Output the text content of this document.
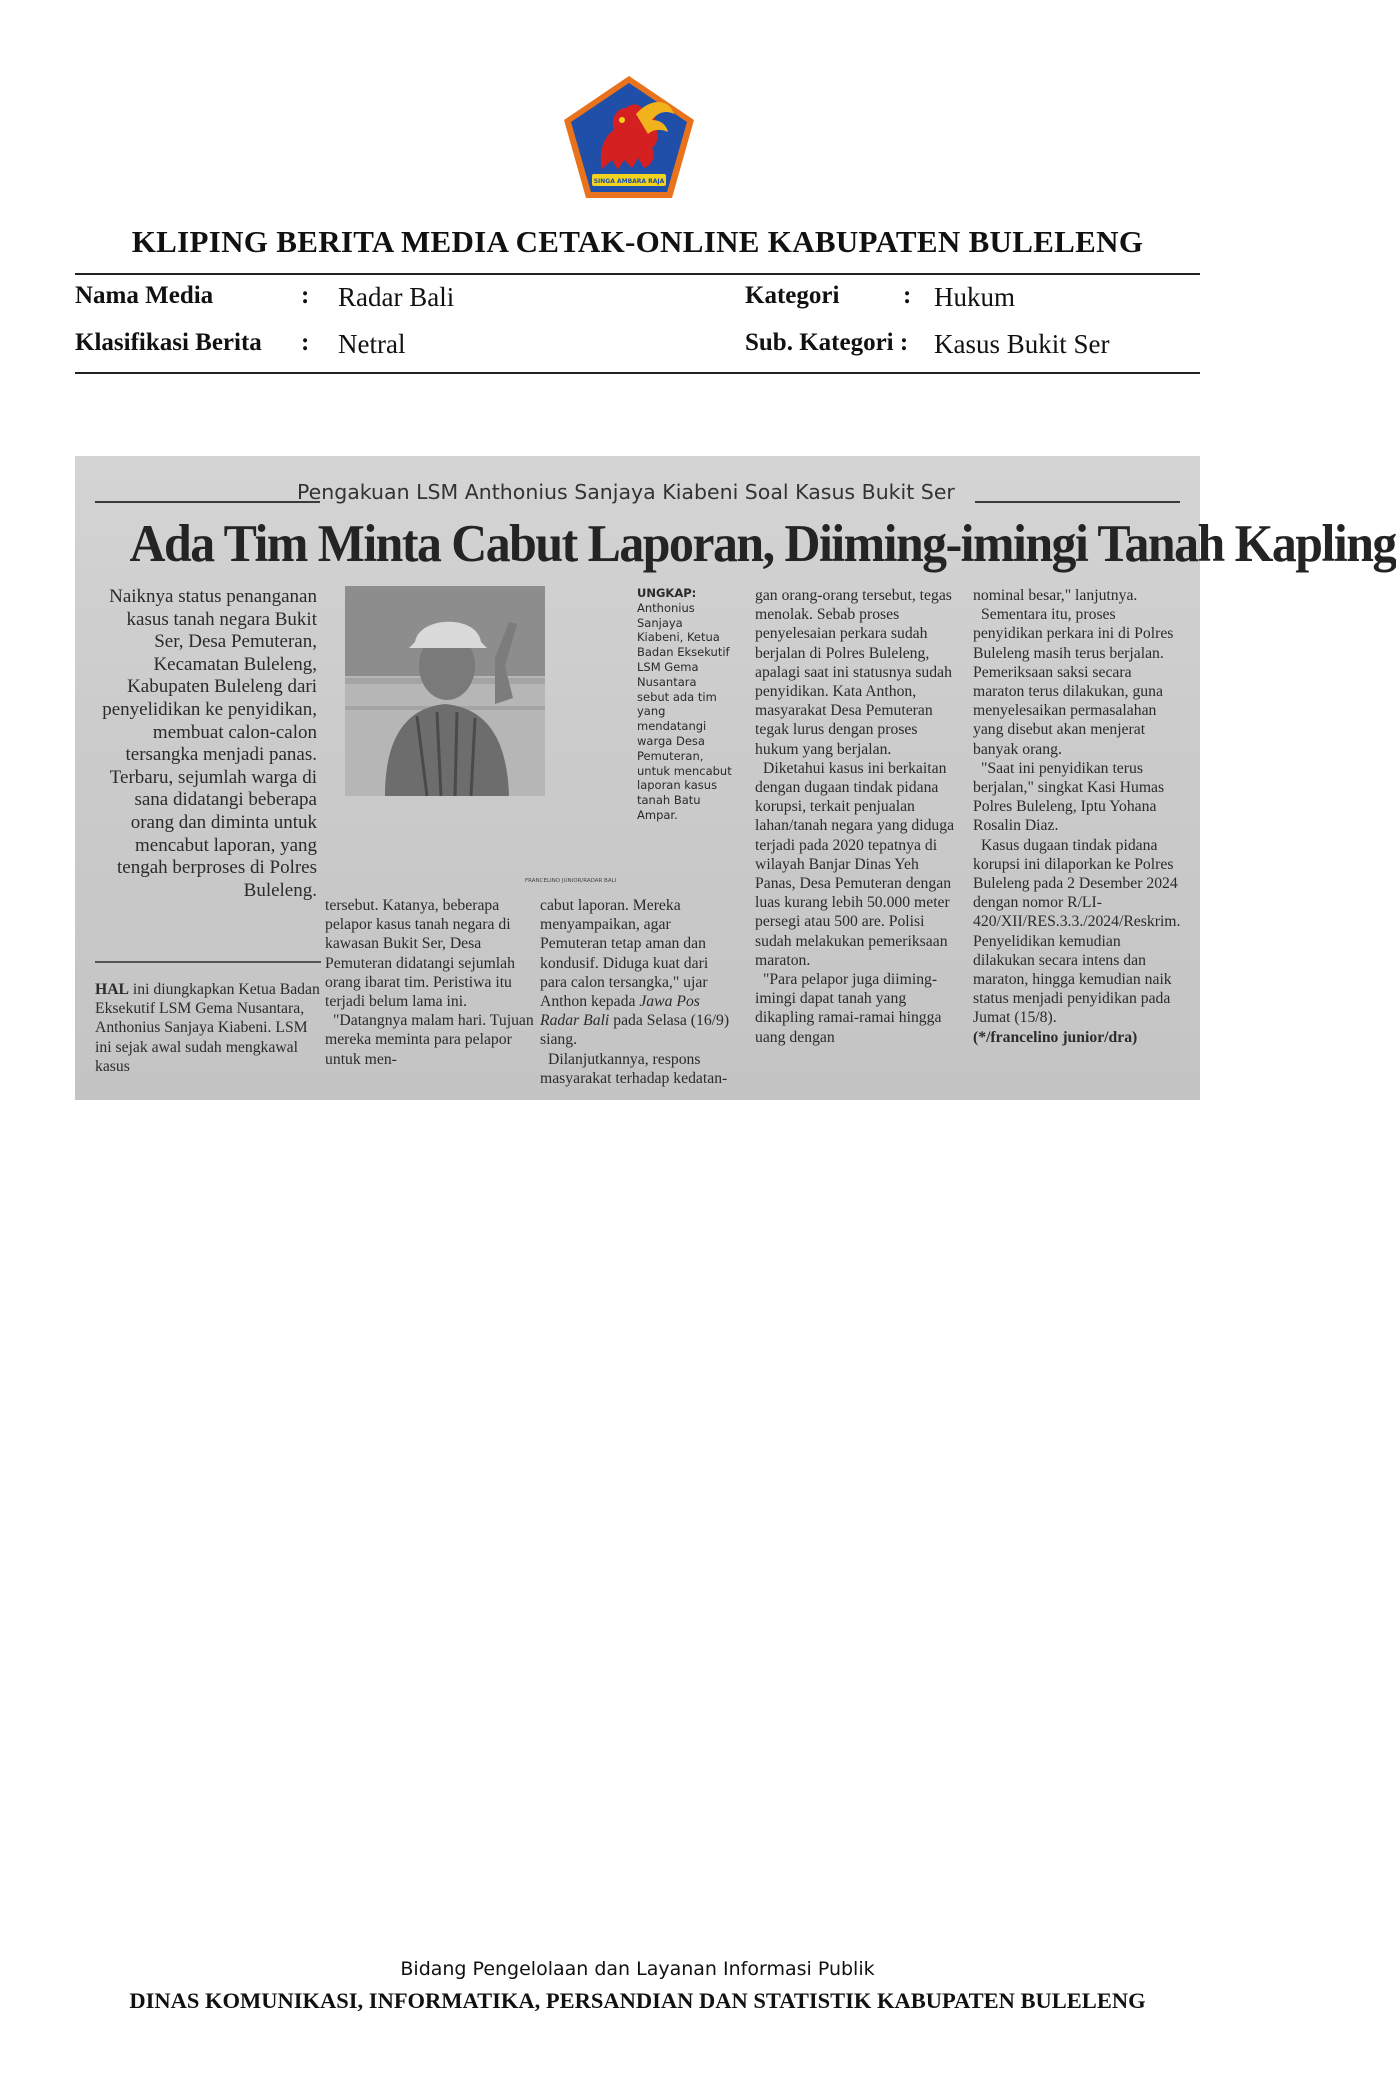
SINGA AMBARA RAJA
KLIPING BERITA MEDIA CETAK-ONLINE KABUPATEN BULELENG
Nama Media	: Radar Bali	Kategori	: Hukum
Klasifikasi Berita : Netral	Sub. Kategori : Kasus Bukit Ser
Pengakuan LSM Anthonius Sanjaya Kiabeni Soal Kasus Bukit Ser
Ada Tim Minta Cabut Laporan, Diiming-imingi Tanah Kapling
Naiknya status penanganan kasus tanah negara Bukit Ser, Desa Pemuteran, Kecamatan Buleleng, Kabupaten Buleleng dari penyelidikan ke penyidikan, membuat calon-calon tersangka menjadi panas. Terbaru, sejumlah warga di sana didatangi beberapa orang dan diminta untuk mencabut laporan, yang tengah berproses di Polres Buleleng.
HAL ini diungkapkan Ketua Badan Eksekutif LSM Gema Nusantara, Anthonius Sanjaya Kiabeni. LSM ini sejak awal sudah mengkawal kasus
UNGKAP:
Anthonius Sanjaya Kiabeni, Ketua Badan Eksekutif LSM Gema Nusantara sebut ada tim yang mendatangi warga Desa Pemuteran, untuk mencabut laporan kasus tanah Batu Ampar.
FRANCELINO JUNIOR/RADAR BALI

tersebut. Katanya, beberapa pelapor kasus tanah negara di kawasan Bukit Ser, Desa Pemuteran didatangi sejumlah orang ibarat tim. Peristiwa itu terjadi belum lama ini.

"Datangnya malam hari. Tujuan mereka meminta para pelapor untuk men-

cabut laporan. Mereka menyampaikan, agar Pemuteran tetap aman dan kondusif. Diduga kuat dari para calon tersangka," ujar Anthon kepada Jawa Pos Radar Bali pada Selasa (16/9) siang.

Dilanjutkannya, respons masyarakat terhadap kedatan-

gan orang-orang tersebut, tegas menolak. Sebab proses penyelesaian perkara sudah berjalan di Polres Buleleng, apalagi saat ini statusnya sudah penyidikan. Kata Anthon, masyarakat Desa Pemuteran tegak lurus dengan proses hukum yang berjalan.

Diketahui kasus ini berkaitan dengan dugaan tindak pidana korupsi, terkait penjualan lahan/tanah negara yang diduga terjadi pada 2020 tepatnya di wilayah Banjar Dinas Yeh Panas, Desa Pemuteran dengan luas kurang lebih 50.000 meter persegi atau 500 are. Polisi sudah melakukan pemeriksaan maraton.

"Para pelapor juga diiming-imingi dapat tanah yang dikapling ramai-ramai hingga uang dengan

nominal besar," lanjutnya.

Sementara itu, proses penyidikan perkara ini di Polres Buleleng masih terus berjalan. Pemeriksaan saksi secara maraton terus dilakukan, guna menyelesaikan permasalahan yang disebut akan menjerat banyak orang.

"Saat ini penyidikan terus berjalan," singkat Kasi Humas Polres Buleleng, Iptu Yohana Rosalin Diaz.

Kasus dugaan tindak pidana korupsi ini dilaporkan ke Polres Buleleng pada 2 Desember 2024 dengan nomor R/LI-420/XII/RES.3.3./2024/Reskrim. Penyelidikan kemudian dilakukan secara intens dan maraton, hingga kemudian naik status menjadi penyidikan pada Jumat (15/8).

(*/francelino junior/dra)

Bidang Pengelolaan dan Layanan Informasi Publik
DINAS KOMUNIKASI, INFORMATIKA, PERSANDIAN DAN STATISTIK KABUPATEN BULELENG
